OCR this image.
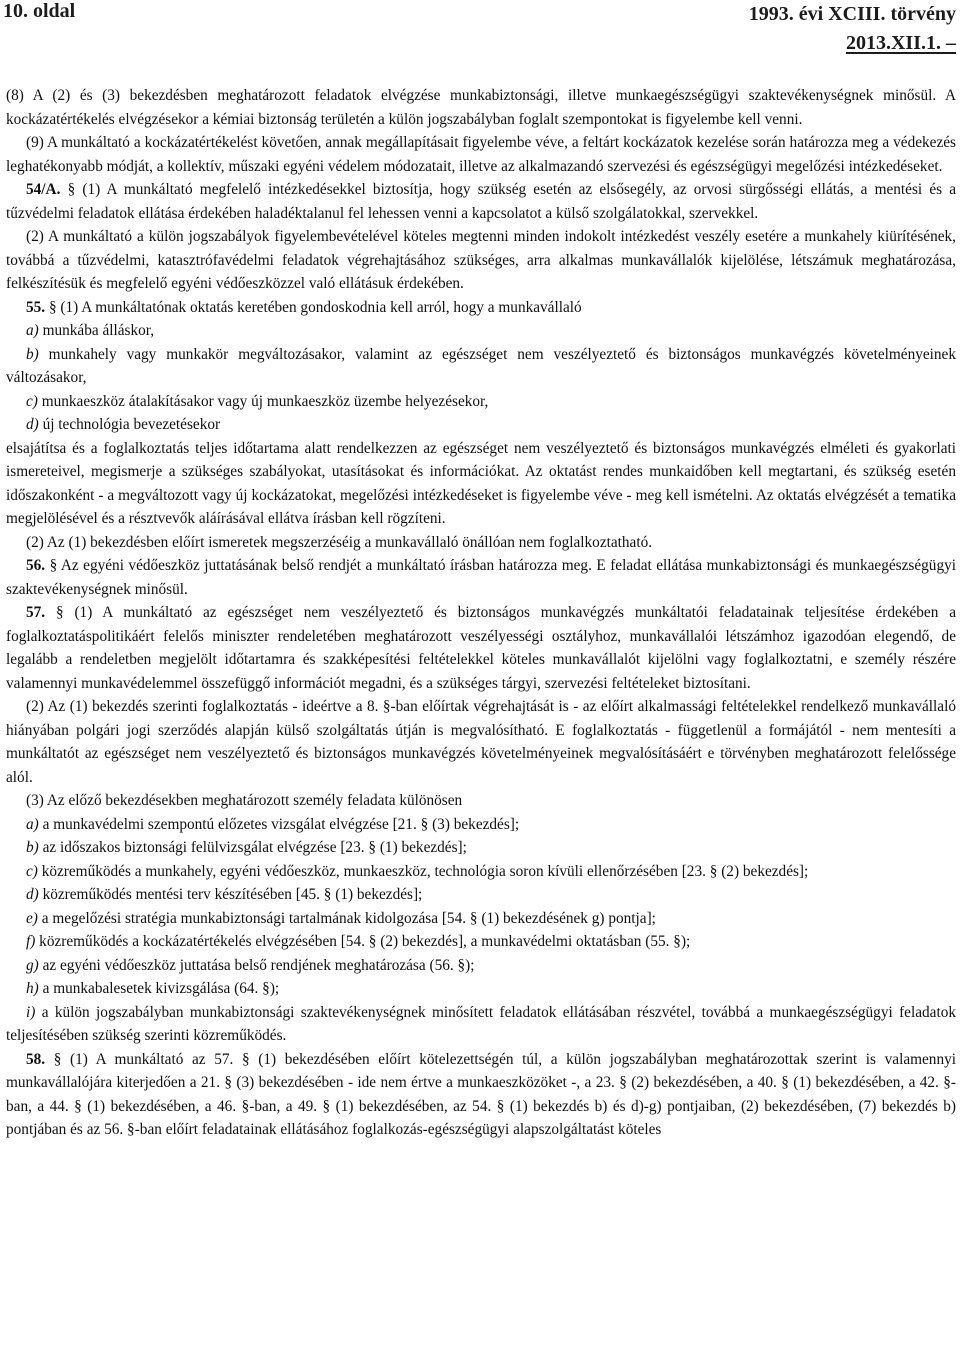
10. oldal	1993. évi XCIII. törvény
2013.XII.1. –

(8) A (2) és (3) bekezdésben meghatározott feladatok elvégzése munkabiztonsági, illetve munkaegészségügyi szaktevékenységnek minősül. A kockázatértékelés elvégzésekor a kémiai biztonság területén a külön jogszabályban foglalt szempontokat is figyelembe kell venni.

(9) A munkáltató a kockázatértékelést követően, annak megállapításait figyelembe véve, a feltárt kockázatok kezelése során határozza meg a védekezés leghatékonyabb módját, a kollektív, műszaki egyéni védelem módozatait, illetve az alkalmazandó szervezési és egészségügyi megelőzési intézkedéseket.

54/A. § (1) A munkáltató megfelelő intézkedésekkel biztosítja, hogy szükség esetén az elsősegély, az orvosi sürgősségi ellátás, a mentési és a tűzvédelmi feladatok ellátása érdekében haladéktalanul fel lehessen venni a kapcsolatot a külső szolgálatokkal, szervekkel.

(2) A munkáltató a külön jogszabályok figyelembevételével köteles megtenni minden indokolt intézkedést veszély esetére a munkahely kiürítésének, továbbá a tűzvédelmi, katasztrófavédelmi feladatok végrehajtásához szükséges, arra alkalmas munkavállalók kijelölése, létszámuk meghatározása, felkészítésük és megfelelő egyéni védőeszközzel való ellátásuk érdekében.

55. § (1) A munkáltatónak oktatás keretében gondoskodnia kell arról, hogy a munkavállaló

a) munkába álláskor,

b) munkahely vagy munkakör megváltozásakor, valamint az egészséget nem veszélyeztető és biztonságos munkavégzés követelményeinek változásakor,

c) munkaeszköz átalakításakor vagy új munkaeszköz üzembe helyezésekor,

d) új technológia bevezetésekor

elsajátítsa és a foglalkoztatás teljes időtartama alatt rendelkezzen az egészséget nem veszélyeztető és biztonságos munkavégzés elméleti és gyakorlati ismereteivel, megismerje a szükséges szabályokat, utasításokat és információkat. Az oktatást rendes munkaidőben kell megtartani, és szükség esetén időszakonként - a megváltozott vagy új kockázatokat, megelőzési intézkedéseket is figyelembe véve - meg kell ismételni. Az oktatás elvégzését a tematika megjelölésével és a résztvevők aláírásával ellátva írásban kell rögzíteni.

(2) Az (1) bekezdésben előírt ismeretek megszerzéséig a munkavállaló önállóan nem foglalkoztatható.

56. § Az egyéni védőeszköz juttatásának belső rendjét a munkáltató írásban határozza meg. E feladat ellátása munkabiztonsági és munkaegészségügyi szaktevékenységnek minősül.

57. § (1) A munkáltató az egészséget nem veszélyeztető és biztonságos munkavégzés munkáltatói feladatainak teljesítése érdekében a foglalkoztatáspolitikáért felelős miniszter rendeletében meghatározott veszélyességi osztályhoz, munkavállalói létszámhoz igazodóan elegendő, de legalább a rendeletben megjelölt időtartamra és szakképesítési feltételekkel köteles munkavállalót kijelölni vagy foglalkoztatni, e személy részére valamennyi munkavédelemmel összefüggő információt megadni, és a szükséges tárgyi, szervezési feltételeket biztosítani.

(2) Az (1) bekezdés szerinti foglalkoztatás - ideértve a 8. §-ban előírtak végrehajtását is - az előírt alkalmassági feltételekkel rendelkező munkavállaló hiányában polgári jogi szerződés alapján külső szolgáltatás útján is megvalósítható. E foglalkoztatás - függetlenül a formájától - nem mentesíti a munkáltatót az egészséget nem veszélyeztető és biztonságos munkavégzés követelményeinek megvalósításáért e törvényben meghatározott felelőssége alól.

(3) Az előző bekezdésekben meghatározott személy feladata különösen

a) a munkavédelmi szempontú előzetes vizsgálat elvégzése [21. § (3) bekezdés];

b) az időszakos biztonsági felülvizsgálat elvégzése [23. § (1) bekezdés];

c) közreműködés a munkahely, egyéni védőeszköz, munkaeszköz, technológia soron kívüli ellenőrzésében [23. § (2) bekezdés];

d) közreműködés mentési terv készítésében [45. § (1) bekezdés];

e) a megelőzési stratégia munkabiztonsági tartalmának kidolgozása [54. § (1) bekezdésének g) pontja];

f) közreműködés a kockázatértékelés elvégzésében [54. § (2) bekezdés], a munkavédelmi oktatásban (55. §);

g) az egyéni védőeszköz juttatása belső rendjének meghatározása (56. §);

h) a munkabalesetek kivizsgálása (64. §);

i) a külön jogszabályban munkabiztonsági szaktevékenységnek minősített feladatok ellátásában részvétel, továbbá a munkaegészségügyi feladatok teljesítésében szükség szerinti közreműködés.

58. § (1) A munkáltató az 57. § (1) bekezdésében előírt kötelezettségén túl, a külön jogszabályban meghatározottak szerint is valamennyi munkavállalójára kiterjedően a 21. § (3) bekezdésében - ide nem értve a munkaeszközöket -, a 23. § (2) bekezdésében, a 40. § (1) bekezdésében, a 42. §-ban, a 44. § (1) bekezdésében, a 46. §-ban, a 49. § (1) bekezdésében, az 54. § (1) bekezdés b) és d)-g) pontjaiban, (2) bekezdésében, (7) bekezdés b) pontjában és az 56. §-ban előírt feladatainak ellátásához foglalkozás-egészségügyi alapszolgáltatást köteles
